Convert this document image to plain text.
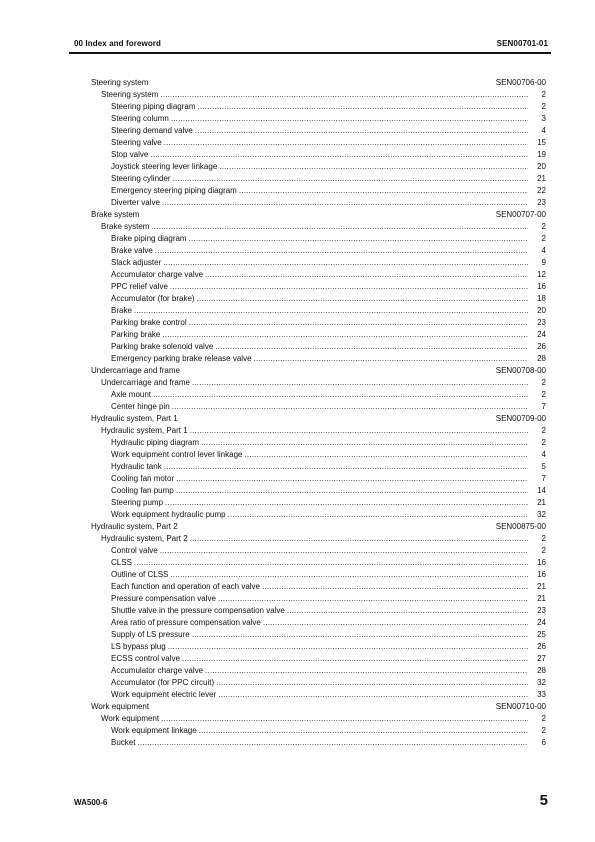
00 Index and foreword	SEN00701-01
Steering system	SEN00706-00
Steering system .....	2
Steering piping diagram .....	2
Steering column .....	3
Steering demand valve .....	4
Steering valve .....	15
Stop valve .....	19
Joystick steering lever linkage .....	20
Steering cylinder .....	21
Emergency steering piping diagram .....	22
Diverter valve .....	23
Brake system	SEN00707-00
Brake system .....	2
Brake piping diagram .....	2
Brake valve .....	4
Slack adjuster .....	9
Accumulator charge valve .....	12
PPC relief valve .....	16
Accumulator (for brake) .....	18
Brake .....	20
Parking brake control .....	23
Parking brake .....	24
Parking brake solenoid valve .....	26
Emergency parking brake release valve .....	28
Undercarriage and frame	SEN00708-00
Undercarriage and frame .....	2
Axle mount .....	2
Center hinge pin .....	7
Hydraulic system, Part 1	SEN00709-00
Hydraulic system, Part 1 .....	2
Hydraulic piping diagram .....	2
Work equipment control lever linkage .....	4
Hydraulic tank .....	5
Cooling fan motor .....	7
Cooling fan pump .....	14
Steering pump .....	21
Work equipment hydraulic pump .....	32
Hydraulic system, Part 2	SEN00875-00
Hydraulic system, Part 2 .....	2
Control valve .....	2
CLSS .....	16
Outline of CLSS .....	16
Each function and operation of each valve .....	21
Pressure compensation valve .....	21
Shuttle valve in the pressure compensation valve .....	23
Area ratio of pressure compensation valve .....	24
Supply of LS pressure .....	25
LS bypass plug .....	26
ECSS control valve .....	27
Accumulator charge valve .....	28
Accumulator (for PPC circuit) .....	32
Work equipment electric lever .....	33
Work equipment	SEN00710-00
Work equipment .....	2
Work equipment linkage .....	2
Bucket .....	6
WA500-6	5
